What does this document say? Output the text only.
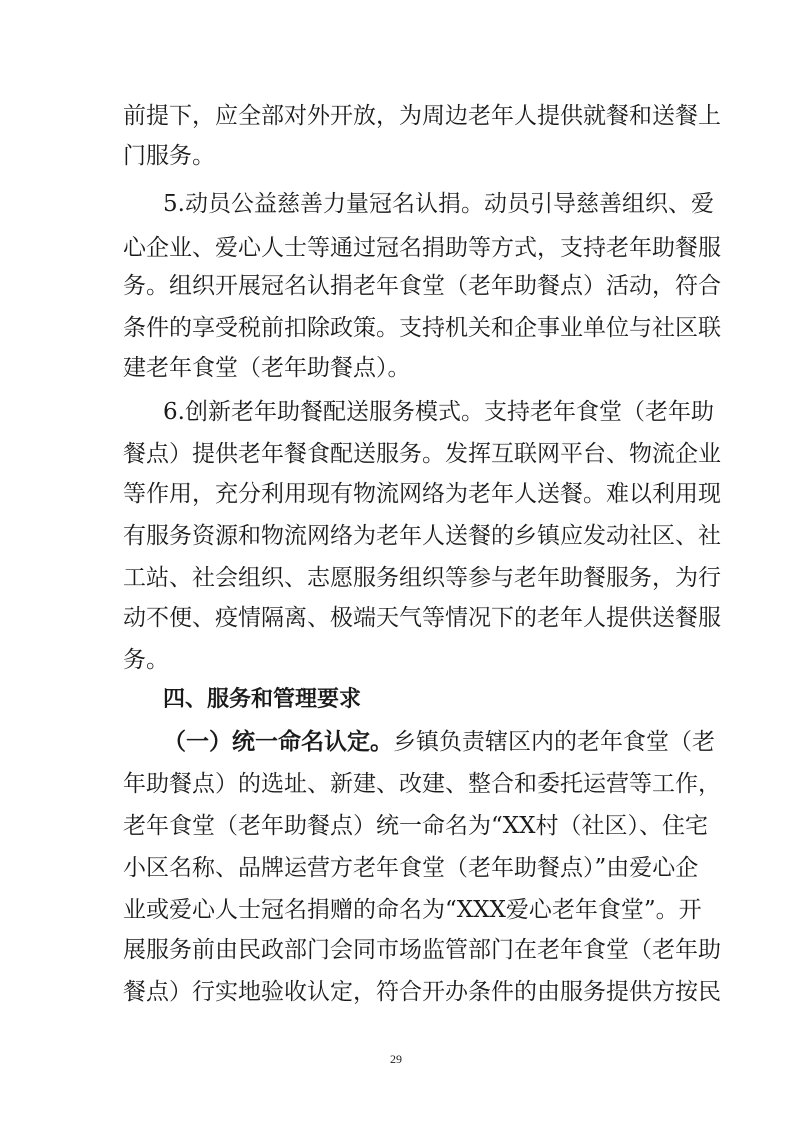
前提下，应全部对外开放，为周边老年人提供就餐和送餐上
门服务。
5.动员公益慈善力量冠名认捐。动员引导慈善组织、爱
心企业、爱心人士等通过冠名捐助等方式，支持老年助餐服
务。组织开展冠名认捐老年食堂（老年助餐点）活动，符合
条件的享受税前扣除政策。支持机关和企事业单位与社区联
建老年食堂（老年助餐点）。
6.创新老年助餐配送服务模式。支持老年食堂（老年助
餐点）提供老年餐食配送服务。发挥互联网平台、物流企业
等作用，充分利用现有物流网络为老年人送餐。难以利用现
有服务资源和物流网络为老年人送餐的乡镇应发动社区、社
工站、社会组织、志愿服务组织等参与老年助餐服务，为行
动不便、疫情隔离、极端天气等情况下的老年人提供送餐服
务。
四、服务和管理要求
（一）统一命名认定。乡镇负责辖区内的老年食堂（老
年助餐点）的选址、新建、改建、整合和委托运营等工作，
老年食堂（老年助餐点）统一命名为“XX村（社区）、住宅
小区名称、品牌运营方老年食堂（老年助餐点）”由爱心企
业或爱心人士冠名捐赠的命名为“XXX爱心老年食堂”。开
展服务前由民政部门会同市场监管部门在老年食堂（老年助
餐点）行实地验收认定，符合开办条件的由服务提供方按民
29
